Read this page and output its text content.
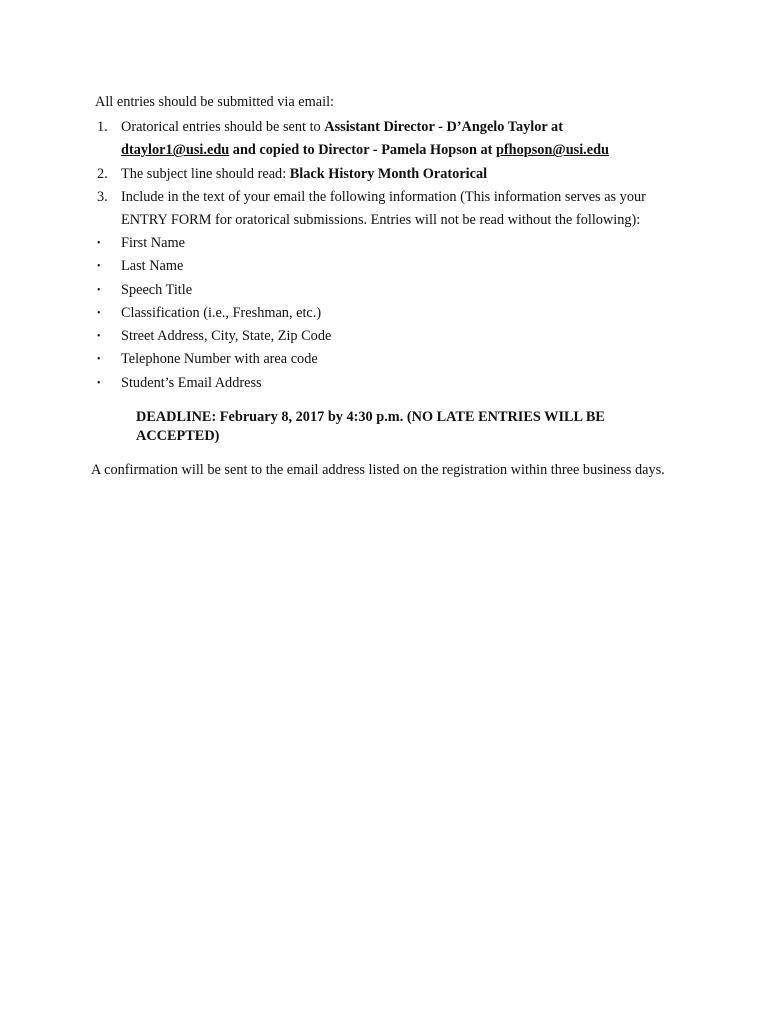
All entries should be submitted via email:
1. Oratorical entries should be sent to Assistant Director - D’Angelo Taylor at
dtaylor1@usi.edu and copied to Director - Pamela Hopson at pfhopson@usi.edu
2. The subject line should read: Black History Month Oratorical
3. Include in the text of your email the following information (This information serves as your ENTRY FORM for oratorical submissions. Entries will not be read without the following):
• First Name
• Last Name
• Speech Title
• Classification (i.e., Freshman, etc.)
• Street Address, City, State, Zip Code
• Telephone Number with area code
• Student’s Email Address
DEADLINE: February 8, 2017 by 4:30 p.m. (NO LATE ENTRIES WILL BE ACCEPTED)
A confirmation will be sent to the email address listed on the registration within three business days.
